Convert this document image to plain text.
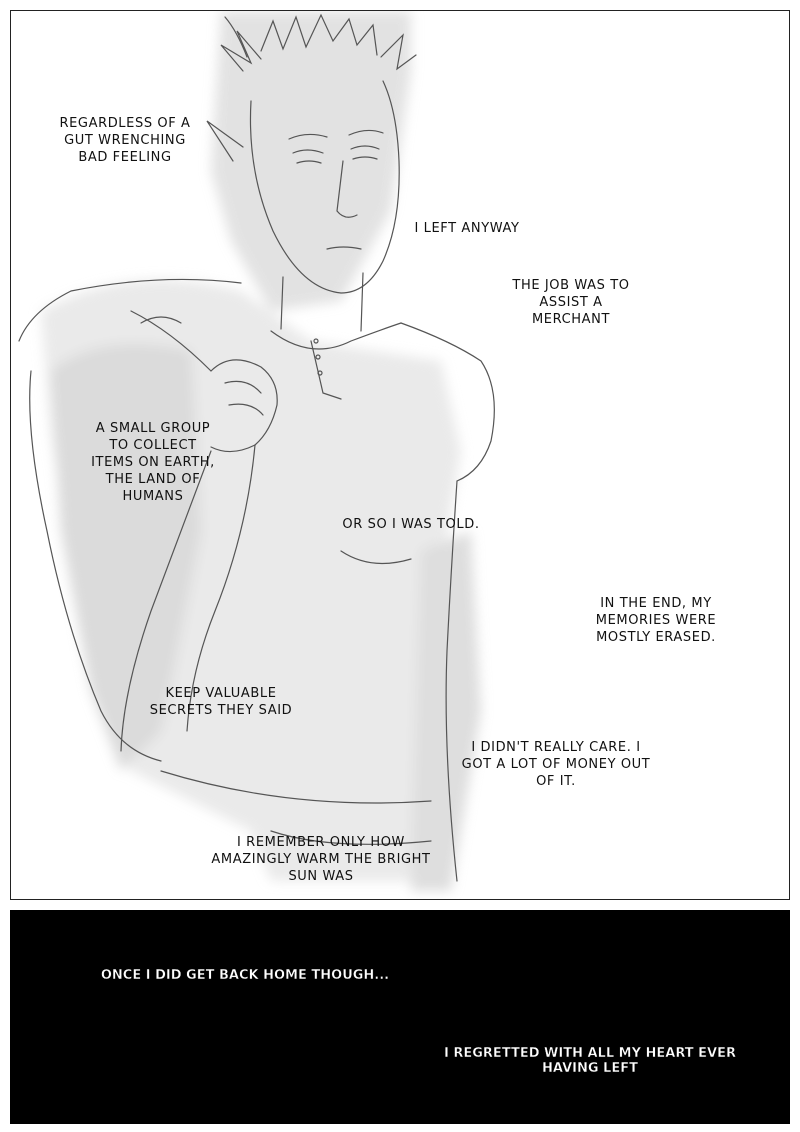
REGARDLESS OF A
GUT WRENCHING
BAD FEELING
I LEFT ANYWAY
THE JOB WAS TO
ASSIST A
MERCHANT
A SMALL GROUP
TO COLLECT
ITEMS ON EARTH,
THE LAND OF
HUMANS
OR SO I WAS TOLD.
IN THE END, MY
MEMORIES WERE
MOSTLY ERASED.
KEEP VALUABLE
SECRETS THEY SAID
I DIDN'T REALLY CARE. I
GOT A LOT OF MONEY OUT
OF IT.
I REMEMBER ONLY HOW
AMAZINGLY WARM THE BRIGHT
SUN WAS
ONCE I DID GET BACK HOME THOUGH...
I REGRETTED WITH ALL MY HEART EVER
HAVING LEFT
